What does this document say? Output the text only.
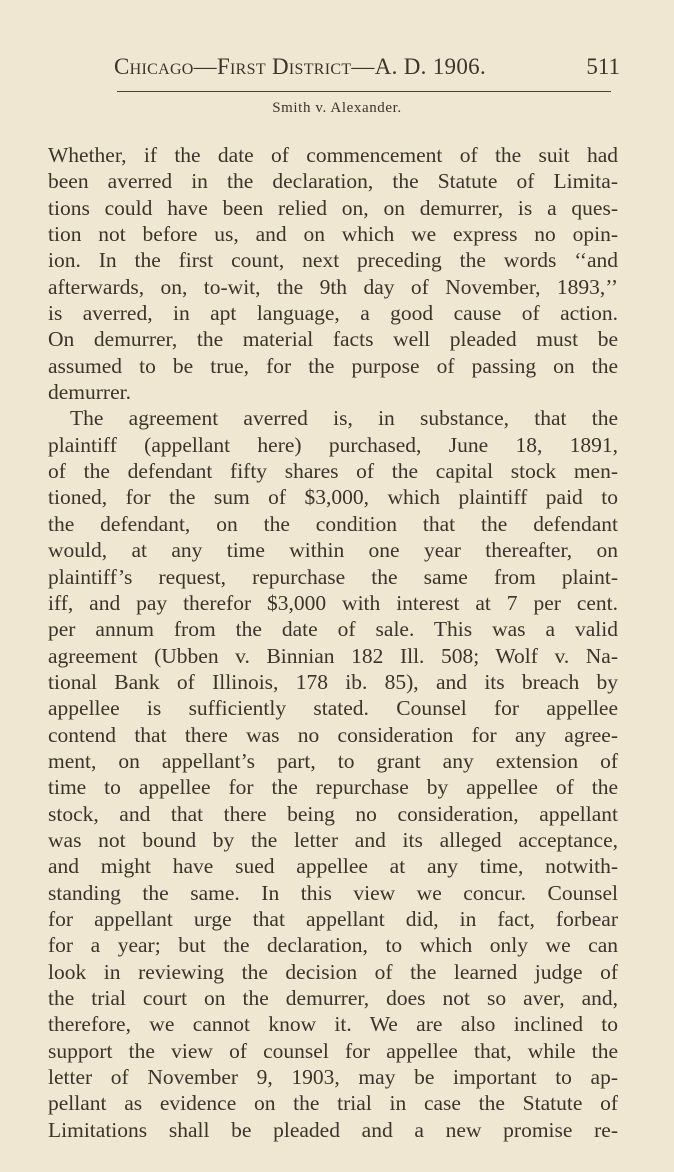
Chicago—First District—A. D. 1906.	511
Smith v. Alexander.
Whether, if the date of commencement of the suit had
been averred in the declaration, the Statute of Limita-
tions could have been relied on, on demurrer, is a ques-
tion not before us, and on which we express no opin-
ion. In the first count, next preceding the words ‘‘and
afterwards, on, to-wit, the 9th day of November, 1893,’’
is averred, in apt language, a good cause of action.
On demurrer, the material facts well pleaded must be
assumed to be true, for the purpose of passing on the
demurrer.
The agreement averred is, in substance, that the
plaintiff (appellant here) purchased, June 18, 1891,
of the defendant fifty shares of the capital stock men-
tioned, for the sum of $3,000, which plaintiff paid to
the defendant, on the condition that the defendant
would, at any time within one year thereafter, on
plaintiff’s request, repurchase the same from plaint-
iff, and pay therefor $3,000 with interest at 7 per cent.
per annum from the date of sale. This was a valid
agreement (Ubben v. Binnian 182 Ill. 508; Wolf v. Na-
tional Bank of Illinois, 178 ib. 85), and its breach by
appellee is sufficiently stated. Counsel for appellee
contend that there was no consideration for any agree-
ment, on appellant’s part, to grant any extension of
time to appellee for the repurchase by appellee of the
stock, and that there being no consideration, appellant
was not bound by the letter and its alleged acceptance,
and might have sued appellee at any time, notwith-
standing the same. In this view we concur. Counsel
for appellant urge that appellant did, in fact, forbear
for a year; but the declaration, to which only we can
look in reviewing the decision of the learned judge of
the trial court on the demurrer, does not so aver, and,
therefore, we cannot know it. We are also inclined to
support the view of counsel for appellee that, while the
letter of November 9, 1903, may be important to ap-
pellant as evidence on the trial in case the Statute of
Limitations shall be pleaded and a new promise re-
